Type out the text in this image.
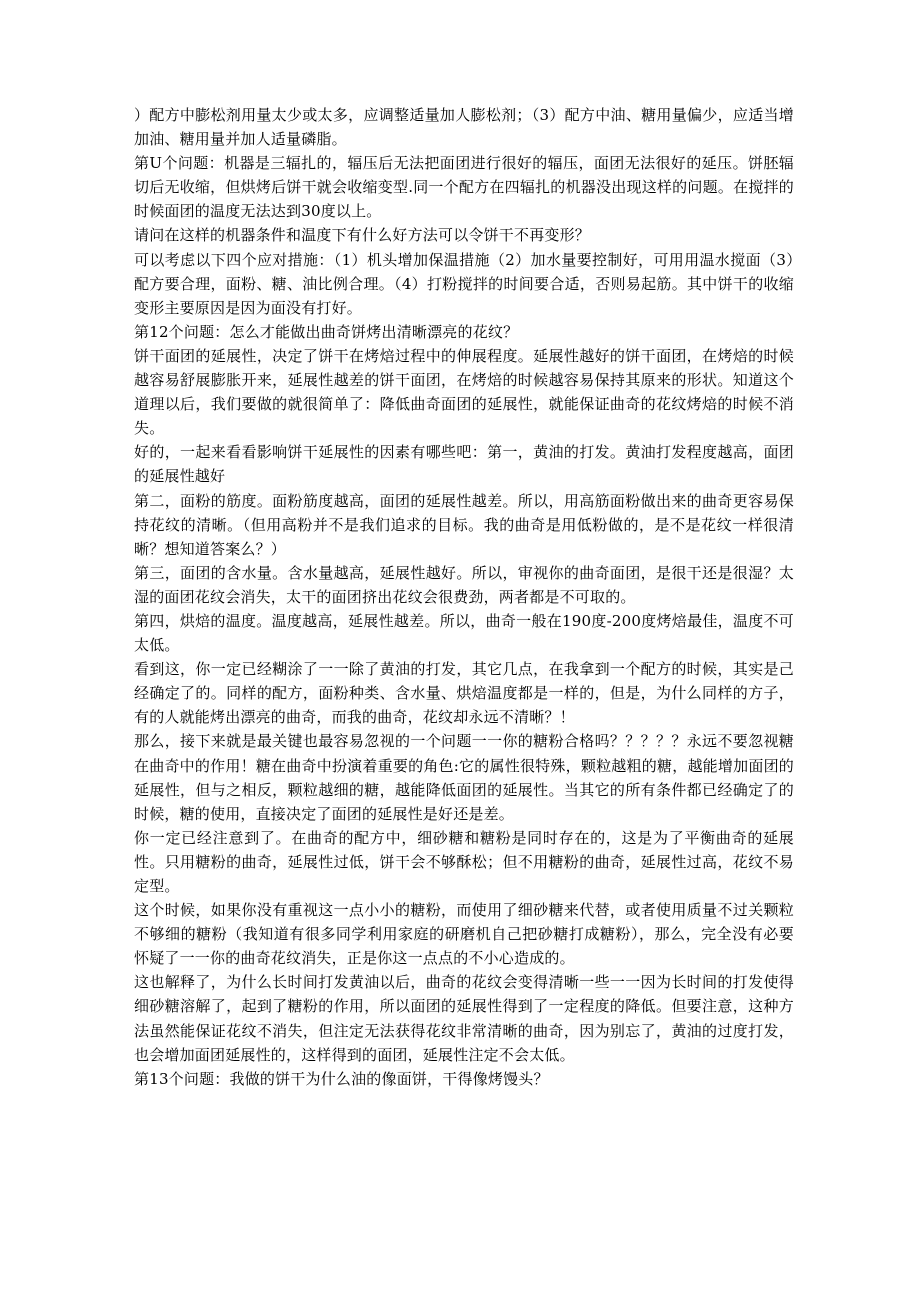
）配方中膨松剂用量太少或太多，应调整适量加人膨松剂；（3）配方中油、糖用量偏少，应适当增加油、糖用量并加人适量磷脂。

第U个问题：机器是三辐扎的，辐压后无法把面团进行很好的辐压，面团无法很好的延压。饼胚辐切后无收缩，但烘烤后饼干就会收缩变型.同一个配方在四辐扎的机器没出现这样的问题。在搅拌的时候面团的温度无法达到30度以上。

请问在这样的机器条件和温度下有什么好方法可以令饼干不再变形？

可以考虑以下四个应对措施：（1）机头增加保温措施（2）加水量要控制好，可用用温水搅面（3）配方要合理，面粉、糖、油比例合理。（4）打粉搅拌的时间要合适，否则易起筋。其中饼干的收缩变形主要原因是因为面没有打好。

第12个问题：怎么才能做出曲奇饼烤出清晰漂亮的花纹？

饼干面团的延展性，决定了饼干在烤焙过程中的伸展程度。延展性越好的饼干面团，在烤焙的时候越容易舒展膨胀开来，延展性越差的饼干面团，在烤焙的时候越容易保持其原来的形状。知道这个道理以后，我们要做的就很简单了：降低曲奇面团的延展性，就能保证曲奇的花纹烤焙的时候不消失。

好的，一起来看看影响饼干延展性的因素有哪些吧：第一，黄油的打发。黄油打发程度越高，面团的延展性越好

第二，面粉的筋度。面粉筋度越高，面团的延展性越差。所以，用高筋面粉做出来的曲奇更容易保持花纹的清晰。（但用高粉并不是我们追求的目标。我的曲奇是用低粉做的，是不是花纹一样很清晰？想知道答案么？）

第三，面团的含水量。含水量越高，延展性越好。所以，审视你的曲奇面团，是很干还是很湿？太湿的面团花纹会消失，太干的面团挤出花纹会很费劲，两者都是不可取的。

第四，烘焙的温度。温度越高，延展性越差。所以，曲奇一般在190度-200度烤焙最佳，温度不可太低。

看到这，你一定已经糊涂了一一除了黄油的打发，其它几点，在我拿到一个配方的时候，其实是己经确定了的。同样的配方，面粉种类、含水量、烘焙温度都是一样的，但是，为什么同样的方子，有的人就能烤出漂亮的曲奇，而我的曲奇，花纹却永远不清晰？！

那么，接下来就是最关键也最容易忽视的一个问题一一你的糖粉合格吗？？？？？永远不要忽视糖在曲奇中的作用！糖在曲奇中扮演着重要的角色:它的属性很特殊，颗粒越粗的糖，越能增加面团的延展性，但与之相反，颗粒越细的糖，越能降低面团的延展性。当其它的所有条件都已经确定了的时候，糖的使用，直接决定了面团的延展性是好还是差。

你一定已经注意到了。在曲奇的配方中，细砂糖和糖粉是同时存在的，这是为了平衡曲奇的延展性。只用糖粉的曲奇，延展性过低，饼干会不够酥松；但不用糖粉的曲奇，延展性过高，花纹不易定型。

这个时候，如果你没有重视这一点小小的糖粉，而使用了细砂糖来代替，或者使用质量不过关颗粒不够细的糖粉（我知道有很多同学利用家庭的研磨机自己把砂糖打成糖粉），那么，完全没有必要怀疑了一一你的曲奇花纹消失，正是你这一点点的不小心造成的。

这也解释了，为什么长时间打发黄油以后，曲奇的花纹会变得清晰一些一一因为长时间的打发使得细砂糖溶解了，起到了糖粉的作用，所以面团的延展性得到了一定程度的降低。但要注意，这种方法虽然能保证花纹不消失，但注定无法获得花纹非常清晰的曲奇，因为别忘了，黄油的过度打发，也会增加面团延展性的，这样得到的面团，延展性注定不会太低。

第13个问题：我做的饼干为什么油的像面饼，干得像烤馒头？
